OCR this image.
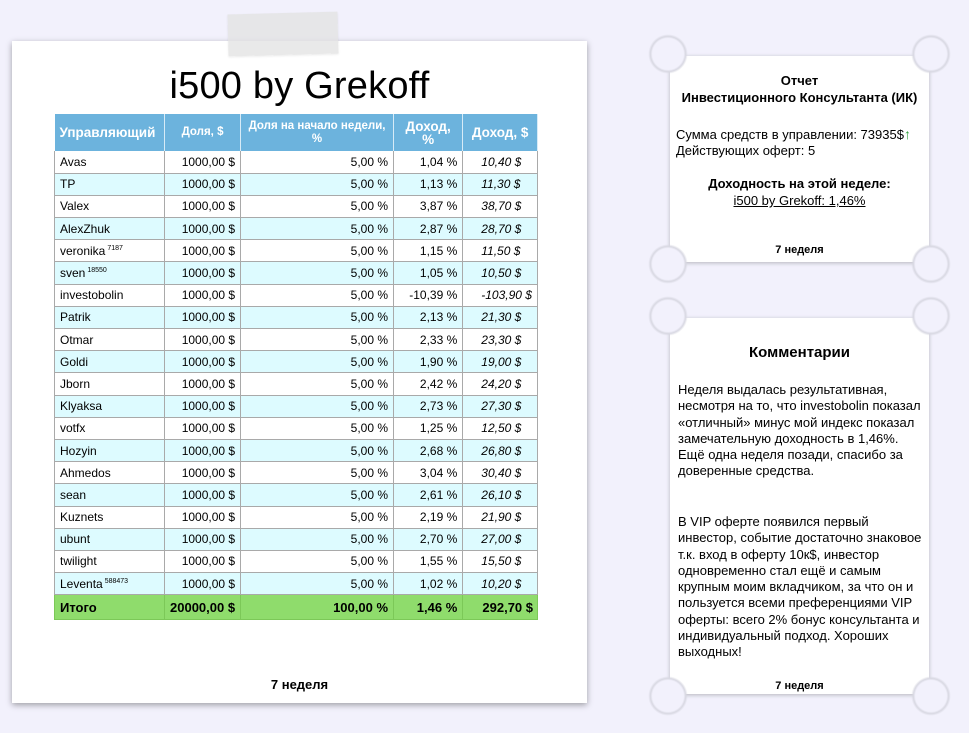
i500 by Grekoff
Управляющий	Доля, $	Доля на начало недели, %	Доход, %	Доход, $
Avas	1000,00 $	5,00 %	1,04 %	10,40 $
TP	1000,00 $	5,00 %	1,13 %	11,30 $
Valex	1000,00 $	5,00 %	3,87 %	38,70 $
AlexZhuk	1000,00 $	5,00 %	2,87 %	28,70 $
veronika $^{7187}$	1000,00 $	5,00 %	1,15 %	11,50 $
sven $^{18550}$	1000,00 $	5,00 %	1,05 %	10,50 $
investobolin	1000,00 $	5,00 %	-10,39 %	-103,90 $
Patrik	1000,00 $	5,00 %	2,13 %	21,30 $
Otmar	1000,00 $	5,00 %	2,33 %	23,30 $
Goldi	1000,00 $	5,00 %	1,90 %	19,00 $
Jborn	1000,00 $	5,00 %	2,42 %	24,20 $
Klyaksa	1000,00 $	5,00 %	2,73 %	27,30 $
votfx	1000,00 $	5,00 %	1,25 %	12,50 $
Hozyin	1000,00 $	5,00 %	2,68 %	26,80 $
Ahmedos	1000,00 $	5,00 %	3,04 %	30,40 $
sean	1000,00 $	5,00 %	2,61 %	26,10 $
Kuznets	1000,00 $	5,00 %	2,19 %	21,90 $
ubunt	1000,00 $	5,00 %	2,70 %	27,00 $
twilight	1000,00 $	5,00 %	1,55 %	15,50 $
Leventa $^{588473}$	1000,00 $	5,00 %	1,02 %	10,20 $
Итого	20000,00 $	100,00 %	1,46 %	292,70 $
7 неделя
Отчет
Инвестиционного Консультанта (ИК)
Сумма средств в управлении: 73935$↑
Действующих оферт: 5
Доходность на этой неделе:
i500 by Grekoff: 1,46%
7 неделя
Комментарии

Неделя выдалась результативная, несмотря на то, что investobolin показал «отличный» минус мой индекс показал замечательную доходность в 1,46%. Ещё одна неделя позади, спасибо за доверенные средства.

В VIP оферте появился первый инвестор, событие достаточно знаковое т.к. вход в оферту 10к$, инвестор одновременно стал ещё и самым крупным моим вкладчиком, за что он и пользуется всеми преференциями VIP оферты: всего 2% бонус консультанта и индивидуальный подход. Хороших выходных!

7 неделя
